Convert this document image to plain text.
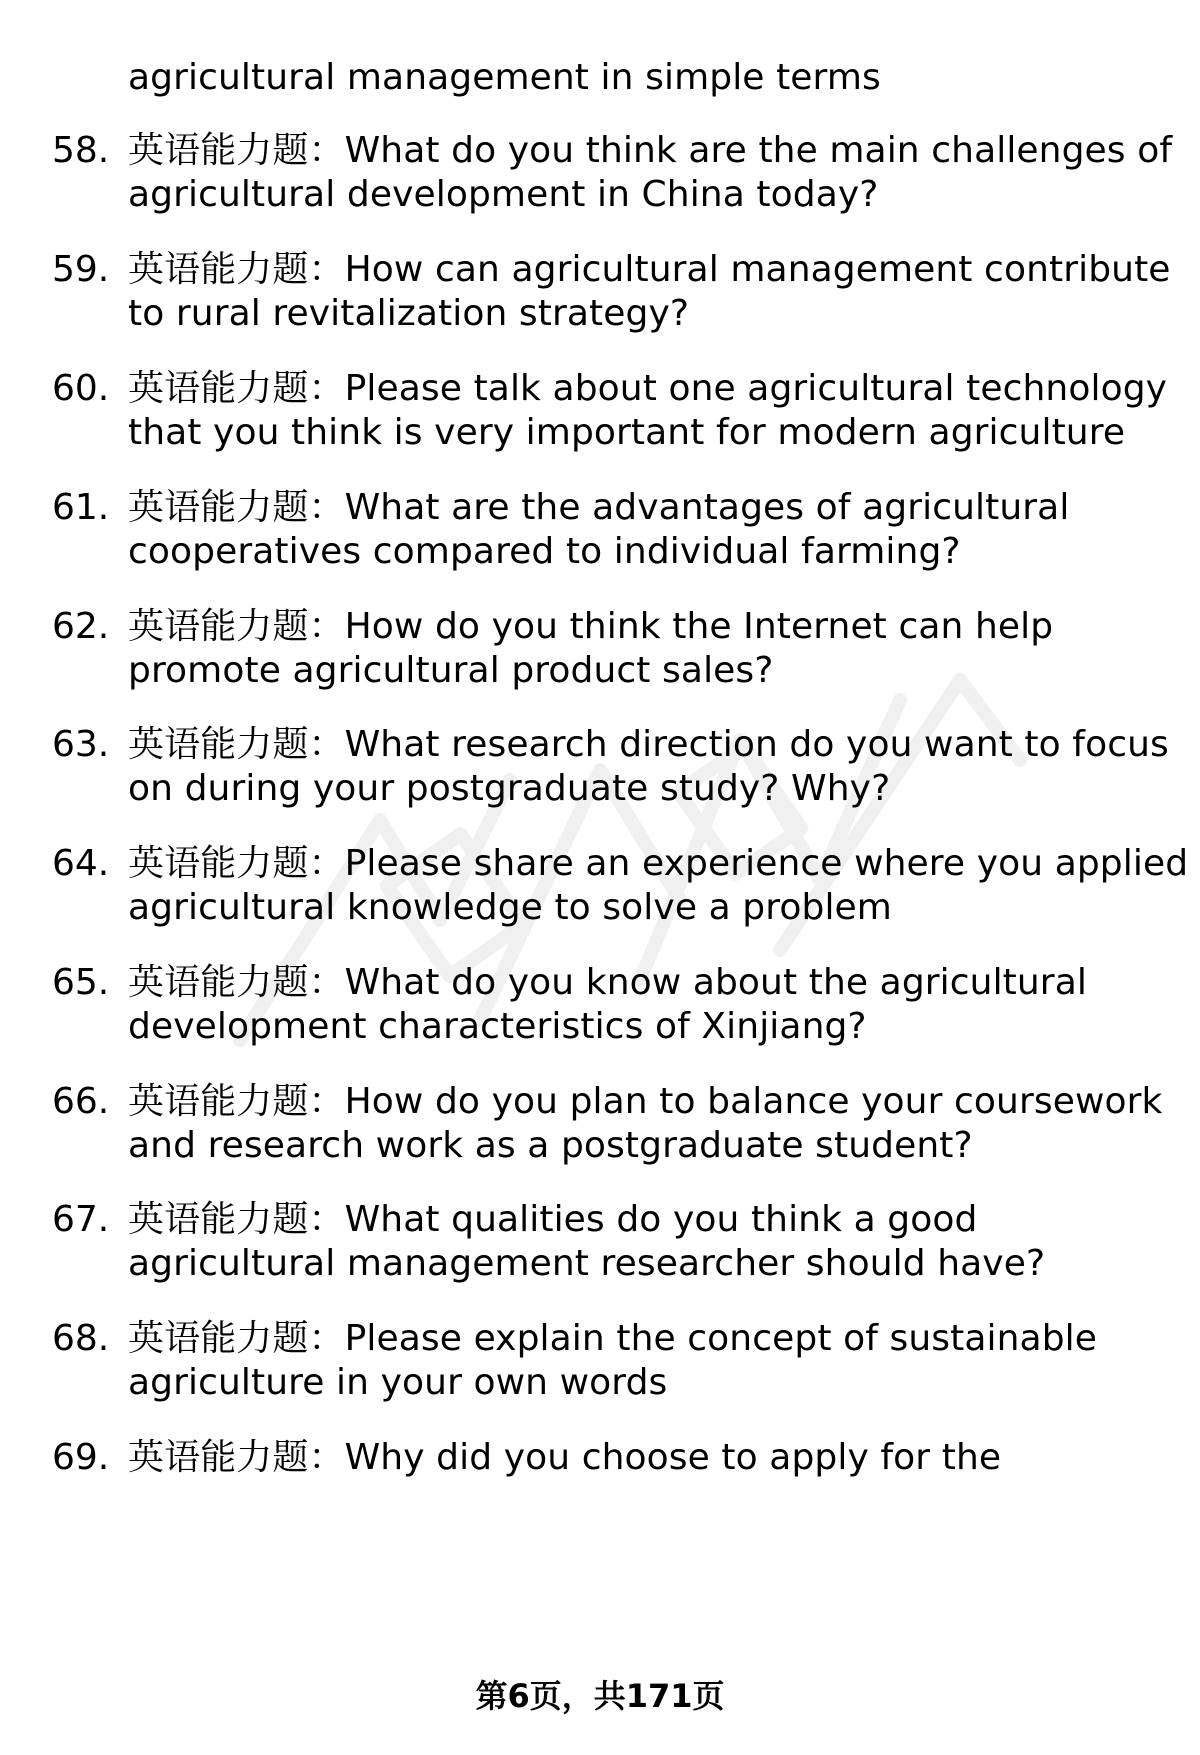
agricultural management in simple terms
58. 英语能力题：What do you think are the main challenges of
agricultural development in China today?
59. 英语能力题：How can agricultural management contribute
to rural revitalization strategy?
60. 英语能力题：Please talk about one agricultural technology
that you think is very important for modern agriculture
61. 英语能力题：What are the advantages of agricultural
cooperatives compared to individual farming?
62. 英语能力题：How do you think the Internet can help
promote agricultural product sales?
63. 英语能力题：What research direction do you want to focus
on during your postgraduate study? Why?
64. 英语能力题：Please share an experience where you applied
agricultural knowledge to solve a problem
65. 英语能力题：What do you know about the agricultural
development characteristics of Xinjiang?
66. 英语能力题：How do you plan to balance your coursework
and research work as a postgraduate student?
67. 英语能力题：What qualities do you think a good
agricultural management researcher should have?
68. 英语能力题：Please explain the concept of sustainable
agriculture in your own words
69. 英语能力题：Why did you choose to apply for the
第6页，共171页
